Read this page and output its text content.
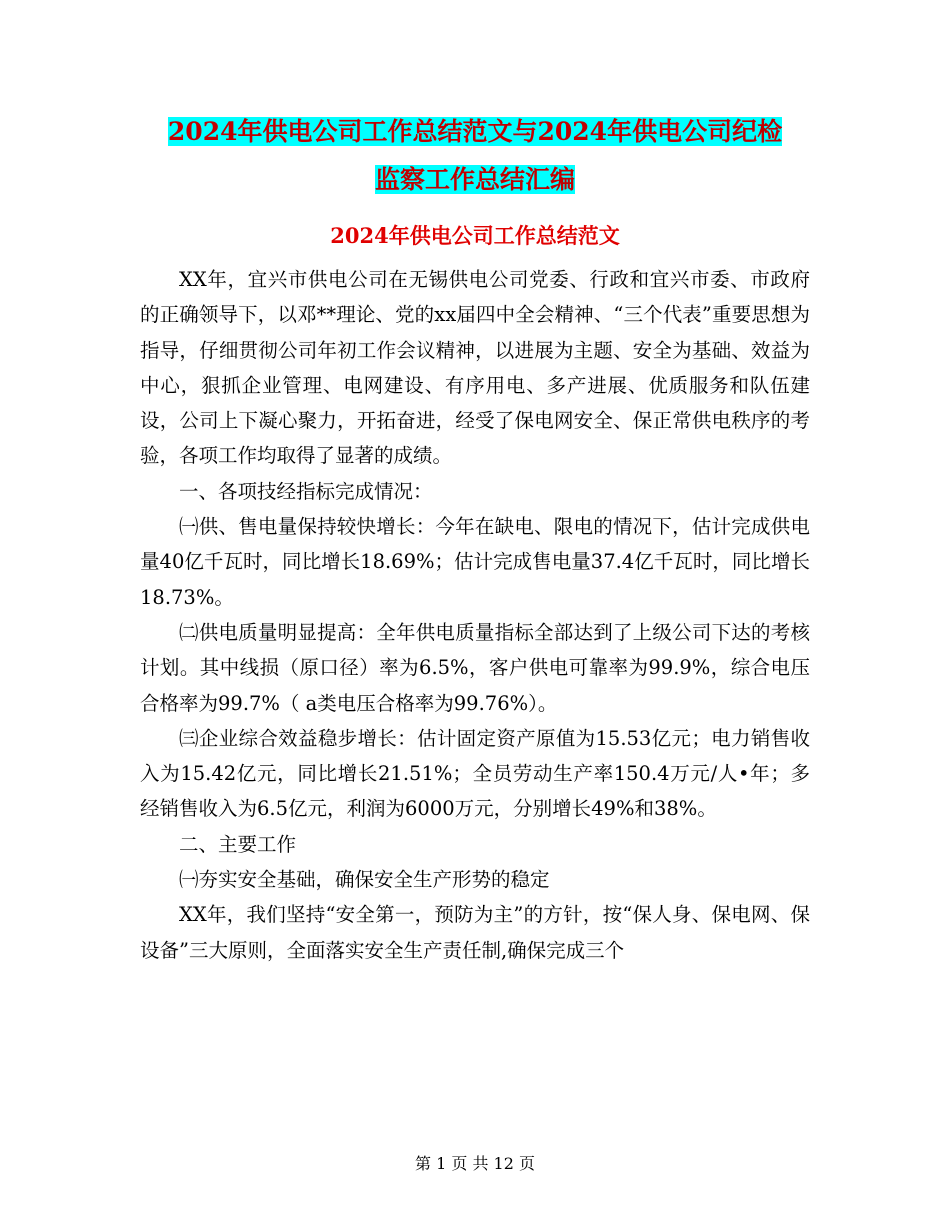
2024年供电公司工作总结范文与2024年供电公司纪检
监察工作总结汇编
2024年供电公司工作总结范文

XX年，宜兴市供电公司在无锡供电公司党委、行政和宜兴市委、市政府的正确领导下，以邓**理论、党的xx届四中全会精神、“三个代表”重要思想为指导，仔细贯彻公司年初工作会议精神，以进展为主题、安全为基础、效益为中心，狠抓企业管理、电网建设、有序用电、多产进展、优质服务和队伍建设，公司上下凝心聚力，开拓奋进，经受了保电网安全、保正常供电秩序的考验，各项工作均取得了显著的成绩。

一、各项技经指标完成情况：

㈠供、售电量保持较快增长：今年在缺电、限电的情况下，估计完成供电量40亿千瓦时，同比增长18.69%；估计完成售电量37.4亿千瓦时，同比增长18.73%。

㈡供电质量明显提高：全年供电质量指标全部达到了上级公司下达的考核计划。其中线损（原口径）率为6.5%，客户供电可靠率为99.9%，综合电压合格率为99.7%（ a类电压合格率为99.76%）。

㈢企业综合效益稳步增长：估计固定资产原值为15.53亿元；电力销售收入为15.42亿元，同比增长21.51%；全员劳动生产率150.4万元/人•年；多经销售收入为6.5亿元，利润为6000万元，分别增长49%和38%。

二、主要工作

㈠夯实安全基础，确保安全生产形势的稳定

XX年，我们坚持“安全第一，预防为主”的方针，按“保人身、保电网、保设备”三大原则，全面落实安全生产责任制,确保完成三个

第 1 页 共 12 页
